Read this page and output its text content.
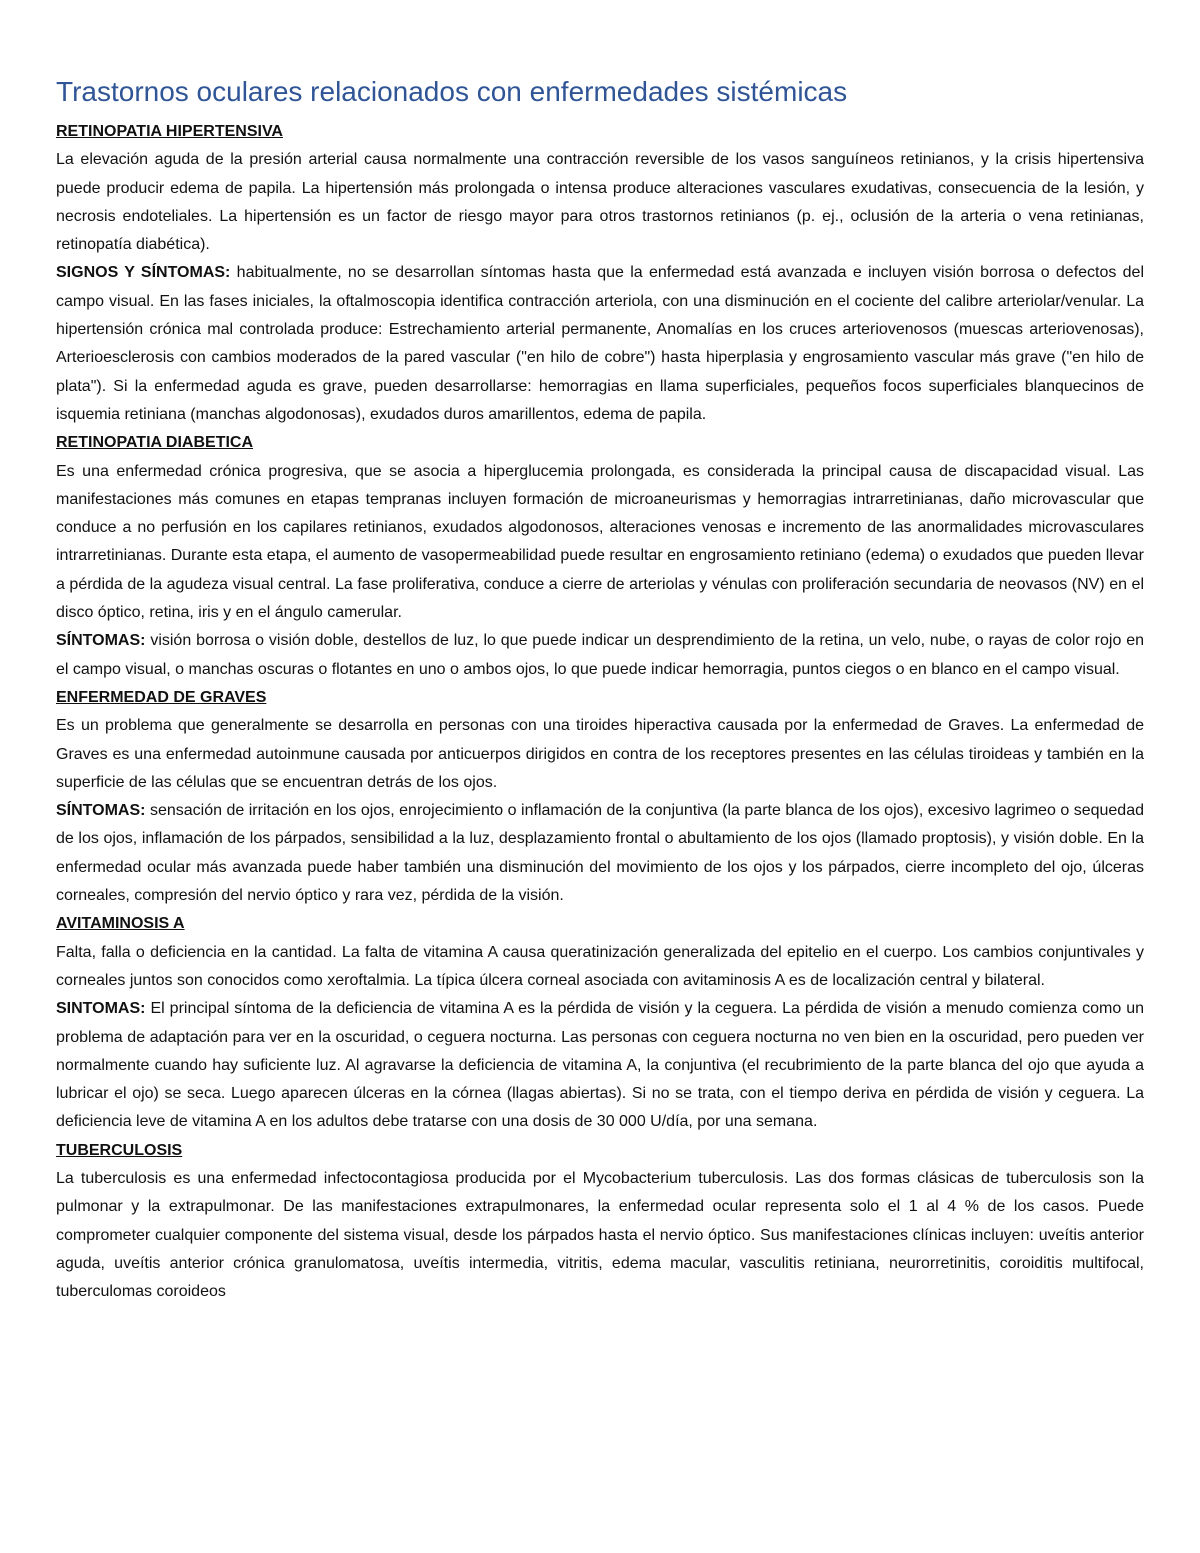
Trastornos oculares relacionados con enfermedades sistémicas
RETINOPATIA HIPERTENSIVA

La elevación aguda de la presión arterial causa normalmente una contracción reversible de los vasos sanguíneos retinianos, y la crisis hipertensiva puede producir edema de papila. La hipertensión más prolongada o intensa produce alteraciones vasculares exudativas, consecuencia de la lesión, y necrosis endoteliales. La hipertensión es un factor de riesgo mayor para otros trastornos retinianos (p. ej., oclusión de la arteria o vena retinianas, retinopatía diabética).

SIGNOS Y SÍNTOMAS: habitualmente, no se desarrollan síntomas hasta que la enfermedad está avanzada e incluyen visión borrosa o defectos del campo visual. En las fases iniciales, la oftalmoscopia identifica contracción arteriola, con una disminución en el cociente del calibre arteriolar/venular. La hipertensión crónica mal controlada produce: Estrechamiento arterial permanente, Anomalías en los cruces arteriovenosos (muescas arteriovenosas), Arterioesclerosis con cambios moderados de la pared vascular ("en hilo de cobre") hasta hiperplasia y engrosamiento vascular más grave ("en hilo de plata"). Si la enfermedad aguda es grave, pueden desarrollarse: hemorragias en llama superficiales, pequeños focos superficiales blanquecinos de isquemia retiniana (manchas algodonosas), exudados duros amarillentos, edema de papila.

RETINOPATIA DIABETICA

Es una enfermedad crónica progresiva, que se asocia a hiperglucemia prolongada, es considerada la principal causa de discapacidad visual. Las manifestaciones más comunes en etapas tempranas incluyen formación de microaneurismas y hemorragias intrarretinianas, daño microvascular que conduce a no perfusión en los capilares retinianos, exudados algodonosos, alteraciones venosas e incremento de las anormalidades microvasculares intrarretinianas. Durante esta etapa, el aumento de vasopermeabilidad puede resultar en engrosamiento retiniano (edema) o exudados que pueden llevar a pérdida de la agudeza visual central. La fase proliferativa, conduce a cierre de arteriolas y vénulas con proliferación secundaria de neovasos (NV) en el disco óptico, retina, iris y en el ángulo camerular.

SÍNTOMAS: visión borrosa o visión doble, destellos de luz, lo que puede indicar un desprendimiento de la retina, un velo, nube, o rayas de color rojo en el campo visual, o manchas oscuras o flotantes en uno o ambos ojos, lo que puede indicar hemorragia, puntos ciegos o en blanco en el campo visual.

ENFERMEDAD DE GRAVES

Es un problema que generalmente se desarrolla en personas con una tiroides hiperactiva causada por la enfermedad de Graves. La enfermedad de Graves es una enfermedad autoinmune causada por anticuerpos dirigidos en contra de los receptores presentes en las células tiroideas y también en la superficie de las células que se encuentran detrás de los ojos.

SÍNTOMAS: sensación de irritación en los ojos, enrojecimiento o inflamación de la conjuntiva (la parte blanca de los ojos), excesivo lagrimeo o sequedad de los ojos, inflamación de los párpados, sensibilidad a la luz, desplazamiento frontal o abultamiento de los ojos (llamado proptosis), y visión doble. En la enfermedad ocular más avanzada puede haber también una disminución del movimiento de los ojos y los párpados, cierre incompleto del ojo, úlceras corneales, compresión del nervio óptico y rara vez, pérdida de la visión.

AVITAMINOSIS A

Falta, falla o deficiencia en la cantidad. La falta de vitamina A causa queratinización generalizada del epitelio en el cuerpo. Los cambios conjuntivales y corneales juntos son conocidos como xeroftalmia. La típica úlcera corneal asociada con avitaminosis A es de localización central y bilateral.

SINTOMAS: El principal síntoma de la deficiencia de vitamina A es la pérdida de visión y la ceguera. La pérdida de visión a menudo comienza como un problema de adaptación para ver en la oscuridad, o ceguera nocturna. Las personas con ceguera nocturna no ven bien en la oscuridad, pero pueden ver normalmente cuando hay suficiente luz. Al agravarse la deficiencia de vitamina A, la conjuntiva (el recubrimiento de la parte blanca del ojo que ayuda a lubricar el ojo) se seca. Luego aparecen úlceras en la córnea (llagas abiertas). Si no se trata, con el tiempo deriva en pérdida de visión y ceguera. La deficiencia leve de vitamina A en los adultos debe tratarse con una dosis de 30 000 U/día, por una semana.

TUBERCULOSIS

La tuberculosis es una enfermedad infectocontagiosa producida por el Mycobacterium tuberculosis. Las dos formas clásicas de tuberculosis son la pulmonar y la extrapulmonar. De las manifestaciones extrapulmonares, la enfermedad ocular representa solo el 1 al 4 % de los casos. Puede comprometer cualquier componente del sistema visual, desde los párpados hasta el nervio óptico. Sus manifestaciones clínicas incluyen: uveítis anterior aguda, uveítis anterior crónica granulomatosa, uveítis intermedia, vitritis, edema macular, vasculitis retiniana, neurorretinitis, coroiditis multifocal, tuberculomas coroideos
